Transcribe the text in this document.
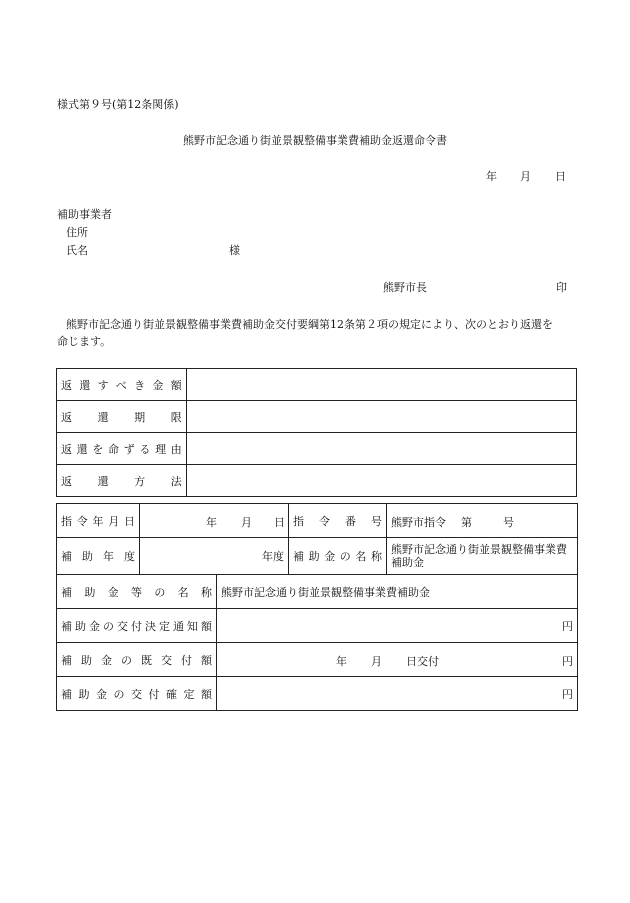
様式第９号(第12条関係)
熊野市記念通り街並景観整備事業費補助金返還命令書
年 月 日
補助事業者
住所
氏名	様
熊野市長	印
熊野市記念通り街並景観整備事業費補助金交付要綱第12条第２項の規定により、次のとおり返還を
命じます。
返還すべき金額	
返還期限	
返還を命ずる理由	
返還方法	
指令年月日	年 月 日	指令番号	熊野市指令 第 号

補助年度	年度	補助金の名称	熊野市記念通り街並景観整備事業費補助金
補助金等の名称	熊野市記念通り街並景観整備事業費補助金
補助金の交付決定通知額	円
補助金の既交付額	年 月 日交付 円

補助金の交付確定額	円
